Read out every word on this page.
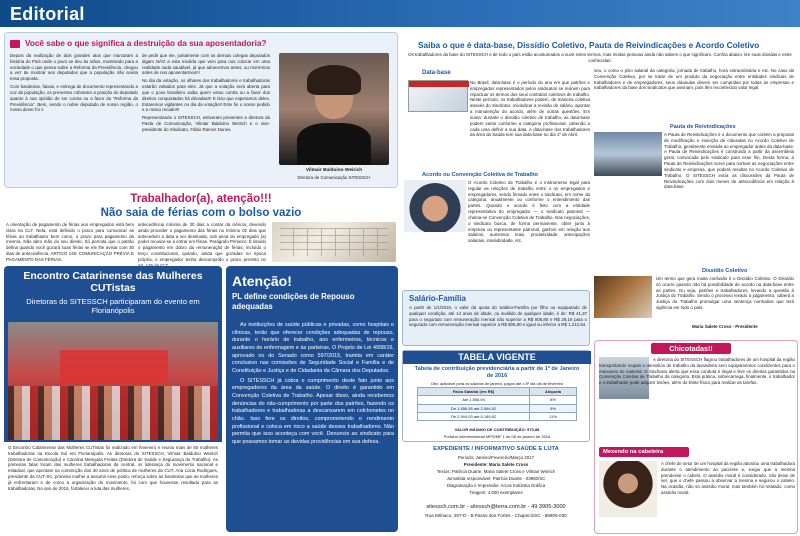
Editorial
Você sabe o que significa a destruição da sua aposentadoria?

Depois da realização de dois grandes atos que marcaram a história do País onde o povo se deu às mãos, mostrando para a sociedade o que pensa sobre a Reforma da Previdência, chegou a vez de mostrar aos deputados que a população não aceita essa proposta.

Com bandeiras, faixas, e entrega de documento representando a voz da população, os presentes cobraram a posição do deputado quanto à sua opinião de ser contra ou a favor da “Reforma da Previdência”. Bem, sendo o nobre deputado de nosso região, o nosso dever foi o

de pedir que ele, juntamente com os demais colegas deputados digam NÃO a esta medida que vem para nos colocar em uma realidade nada saudável, já que adoecemos antes, ou morremos antes de nos aposentarmos!!!

No dia da votação, os olhares dos trabalhadores e trabalhadoras estarão voltados para eles. Já que a votação será aberta para que o povo brasileiro saiba quem votou contra ou a favor dos direitos conquistados há décadas!!! E isso que esperamos deles. Estaremos vigilantes no dia da votação!! Este foi o nosso pedido e a nosso recado!!!

Representando o SITESSCH, estiveram presentes a diretora da Pasta de Comunicação, Vilmair Balduíno Weirich e o vice-presidente do Sindicato, Fábio Ramos Nunes.

Vilmair Balduino Weirich
Diretora de Comunicação SITESSCH
Trabalhador(a), atenção!!!
Não saia de férias com o bolso vazio

A orientação de pagamento de férias aos empregados está bem clara na CLT. Nela, está definido o prazo para comunicar as férias ao trabalhador bem como, o prazo para pagamento da mesma. Não abro mão do seu direito. Só permita que o patrão defina quando você gozará suas férias se ele lhe avisar com 30 dias de antecedência. ARTIGO 145: COMUNICAÇÃO PRÉVIA E PAGAMENTO DAS FÉRIAS.

antecedência mínima de 30 dias a contar da ciência, devendo ainda proceder o pagamento das férias no mínimo 02 dias que antecedem a data a ser destinada, sob pena do empregado (a) poder recusar-se a entrar em férias. Parágrafo Primeiro: É devido o pagamento em dobro da remuneração de férias, incluído o terço constitucional, quando, ainda que gozadas no época própria, o empregador tenha descumprido o prazo previsto no

Encontro Catarinense das Mulheres CUTistas
Diretoras do SITESSCH participaram do evento em Florianópolis

O Encontro Catarinense das Mulheres CUTistas foi realizado em fevereiro e reuniu mais de 60 mulheres trabalhadoras na Escola Sul em Florianópolis. As diretoras do SITESSCH, Vilmair Balduíno Weirich (Diretora de Comunicação) e Carolina Mesquita Freitas (Diretora de Saúde e Segurança do Trabalho). As primeiras falas foram das mulheres trabalhadoras da central, os liderança do movimento nacional e estadual, que apontam na construção dos 30 anos de política de mulheres da CUT. Ana Lúcia Rodrigues, presidente da CUT-SC, primeira mulher a assumir esse posto, reforça sobre as bandeiras que as mulheres já enfrentaram e de como a organização do movimento, foi com que houvesse resultado para as trabalhadoras. No ano de 2016, fortalecer a luta das mulheres.

Atenção!
PL define condições de Repouso adequadas

As instituições de saúde públicas e privadas, como hospitais e clínicas, terão que oferecer condições adequadas de repouso, durante o horário de trabalho, aos enfermeiros, técnicos e auxiliares de enfermagem e às parteiras. O Projeto de Lei 4998/16, aprovado no do Senado como 597/2015, tramita em caráter conclusivo nas comissões de Seguridade Social e Família e de Constituição e Justiça e de Cidadania da Câmara dos Deputados.

O SITESSCH já cobra o cumprimento deste fato junto aos empregadores da área da saúde. O direito é garantido em Convenção Coletiva de Trabalho. Apesar disso, ainda recebemos denúncias do não-cumprimento por parte dos patrões, fazendo os trabalhadores e trabalhadoras a descansarem em colchonetes no chão. Isso fere os direitos, comprometendo o rendimento profissional e coloca em risco a saúde desses trabalhadores. Não permita que isso aconteça com você. Denuncie ao sindicato para que possamos tomar as devidas providências em sua defesa.

Saiba o que é data-base, Dissídio Coletivo, Pauta de Reivindicações e Acordo Coletivo

Os trabalhadores da base do SITESSCH e de todo o país estão acostumados a ouvir estes termos, mas muitas pessoas ainda não sabem o que significam. Confira abaixo, tire suas dúvidas e estre conhecidas:

Data-base

No Brasil, data-base é o período do ano em que patrões e empregados representados pelos sindicatos se reúnem para repactuar os termos dos seus contratos coletivos de trabalho. Neste período, os trabalhadores podem, de maneira coletiva através do Sindicato, reivindicar a revisão de salário, apontar a manutenção do acordo, além de outras questões. Em suma: durante o dissídio coletivo de trabalho, as data-base podem variar conforme a categoria profissional, cabendo a cada uma definir a sua data. A data-base dos trabalhadores da área da Saúde tem sua data-base no dia 1º de Abril.

Acordo ou Convenção Coletiva de Trabalho

O Acordo Coletivo de Trabalho é o instrumento legal para regular as relações de trabalho entre o os empregados e empregadores, sendo firmado entre o sindicato, em nome da categoria, anualmente ou conforme o entendimento das partes. Quando o acordo é feito com a entidade representativa do empregador — o sindicato patronal — chama-se Convenção Coletiva de Trabalho. Nas negociações, o sindicato busca, de forma permanente, obter junto à empresa ou representante patronal, ganhos em relação aos salários, aumentos reais, produtividade, antecipações salariais, insalubridade, etc.

seu, o como o piso salarial da categoria, jornada de trabalho, hora extraordinária e etc. No caso da Convenção Coletiva, por se tratar de um produto da negociação entre entidades sindicais de trabalhadores e de empregadores, seus cláusulas devem ser cumpridas por todas as empresas e trabalhadores da base dos sindicatos que assinam, pois têm reconhecido valor legal.

Pauta de Reivindicações

A Pauta de Reivindicações é o documento que contém a proposta de modificação e inserção de cláusulas no Acordo Coletivo de Trabalho, geralmente enviada ao empregador antes da data-base. A Pauta de Reivindicações é construída a partir da assembleia geral, convocada pelo sindicato para esse fim. Desta forma, a Pauta de Reivindicações serve para nortear as negociações entre sindicato e empresa, que poderá resultar no Acordo Coletivo de Trabalho. O SITESSCH inicia as discussões da Pauta de Reivindicações com dois meses de antecedência em relação à data-base.

Dissídio Coletivo

Um termo que gera muita confusão é o Dissídio Coletivo. O Dissídio só ocorre quando não há possibilidade de acordo na data-base entre as partes. Ou seja, patrões e trabalhadores, levando a questão à Justiça do Trabalho. Sendo o processo levado a julgamento, caberá a Justiça do Trabalho promulgar uma sentença normativa que terá vigência em todo o país.

Maria Salete Cross - Presidente
Salário-Família

A partir de 1/1/2016, o valor da quota do Salário-Família por filho ou equiparado de qualquer condição, até 14 anos de idade, ou inválido de qualquer idade, é de: R$ 41,37 para o segurado com remuneração mensal não superior a R$ 806,80 e R$ 29,16 para o segurado com remuneração mensal superior a R$ 806,80 e igual ou inferior a R$ 1.212,64.

TABELA VIGENTE
Tabela de contribuição previdenciária a partir de 1º de Janeiro de 2016
Obs: aplicável para os salários de janeiro, pagos até o 5º dia útil de fevereiro
Faixa Salarial (em R$)	Alíquota
Até 1.556,94	8%
De 1.556,95 até 2.594,92	9%
De 2.594,93 até 5.189,82	11%
VALOR MÁXIMO DE CONTRIBUIÇÃO: 570,88
Portaria Interministerial MPS/MF 1 de 08 de janeiro de 2016
EXPEDIENTE / INFORMATIVO SAÚDE E LUTA
Periodo: Janeiro/Fevereiro/Março 2017
Presidente: Maria Salete Cross
Textos: Patrícia Duarte, Maria Salete Cross e Vilmair Weirich
Jornalista responsável: Patrícia Duarte - 03950/SC
Diagramação e Impressão: Arcos Indústria Gráfica
Tiragem: 4.000 exemplares
sitessch.com.br - sitessch@terra.com.br - 49 3905-3000
Rua Mônaco, 297-D - B.Passo dos Fortes - Chapecó/SC - 89805-030
Chicotadas!!

A diretoria do SITESSCH flagrou trabalhadores de um hospital da região transportando roupas e utensílios de trabalho da lavanderia sem equipamentos condizentes para o manuseio do material. O Sindicato alerta que essa conduta é ilegal e fere os direitos garantidos na Convenção Coletiva de Trabalho da categoria. Esta prática, sobrecarrega, finalmente, o trabalhador e o trabalhador pode adquirir lesões, além do limite físico para realizar as tarefas.

Mexendo na cabeleira

A chefe de setor de um hospital da região abordou uma trabalhadora durante o atendimento ao paciente e, exigiu que a mesma prendesse o cabelo. O assédio moral é considerado, não deixe de ser, que o chefe passou a observar a mesma e segurou o cabelo. Na ocasião, não só assédio moral, mas também foi relatado, como assédio moral.
